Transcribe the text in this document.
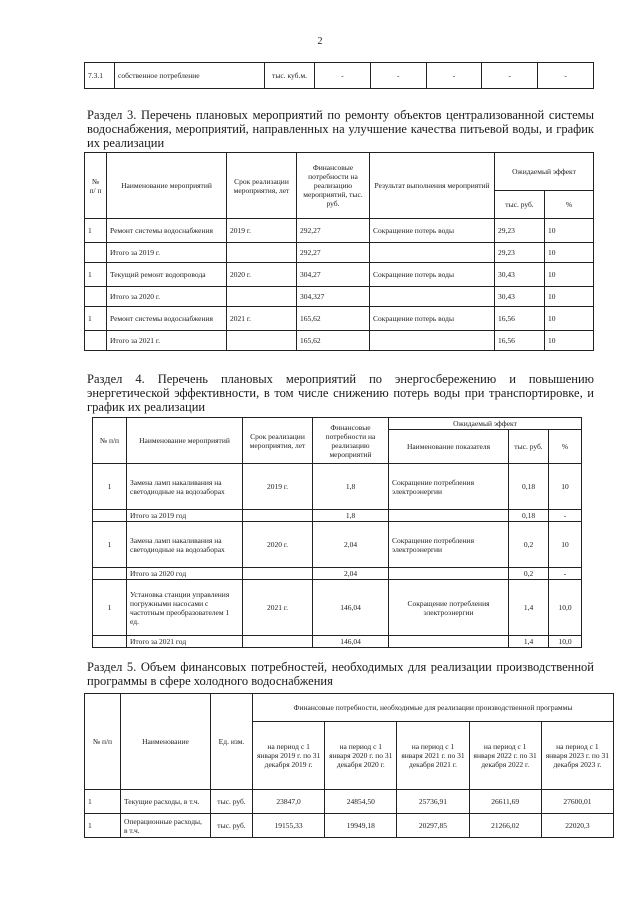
2
7.3.1	собственное потребление	тыс. куб.м.	-	-	-	-	-

Раздел 3. Перечень плановых мероприятий по ремонту объектов централизованной системы водоснабжения, мероприятий, направленных на улучшение качества питьевой воды, и график их реализации

№ п/ п	Наименование мероприятий	Срок реализации мероприятия, лет	Финансовые потребности на реализацию мероприятий, тыс. руб.	Результат выполнения мероприятий	Ожидаемый эффект	
					тыс. руб.	%
1	Ремонт системы водоснабжения	2019 г.	292,27	Сокращение потерь воды	29,23	10
	Итого за 2019 г.		292,27		29,23	10
1	Текущий ремонт водопровода	2020 г.	304,27	Сокращение потерь воды	30,43	10
	Итого за 2020 г.		304,327		30,43	10
1	Ремонт системы водоснабжения	2021 г.	165,62	Сокращение потерь воды	16,56	10
	Итого за 2021 г.		165,62		16,56	10

Раздел 4. Перечень плановых мероприятий по энергосбережению и повышению энергетической эффективности, в том числе снижению потерь воды при транспортировке, и график их реализации

№ п/п	Наименование мероприятий	Срок реализации мероприятия, лет	Финансовые потребности на реализацию мероприятий	Ожидаемый эффект		
				Наименование показателя	тыс. руб.	%
1	Замена ламп накаливания на светодиодные на водозаборах	2019 г.	1,8	Сокращение потребления электроэнергии	0,18	10
	Итого за 2019 год		1,8		0,18	-
1	Замена ламп накаливания на светодиодные на водозаборах	2020 г.	2,04	Сокращение потребления электроэнергии	0,2	10
	Итого за 2020 год		2,04		0,2	-
1	Установка станции управления погружными насосами с частотным преобразователем 1 ед.	2021 г.	146,04	Сокращение потребления электроэнергии	1,4	10,0
	Итого за 2021 год		146,04		1,4	10,0

Раздел 5. Объем финансовых потребностей, необходимых для реализации производственной программы в сфере холодного водоснабжения

№ п/п	Наименование	Ед. изм.	Финансовые потребности, необходимые для реализации производственной программы				
			на период с 1 января 2019 г. по 31 декабря 2019 г.	на период с 1 января 2020 г. по 31 декабря 2020 г.	на период с 1 января 2021 г. по 31 декабря 2021 г.	на период с 1 января 2022 г. по 31 декабря 2022 г.	на период с 1 января 2023 г. по 31 декабря 2023 г.
1	Текущие расходы, в т.ч.	тыс. руб.	23847,0	24854,50	25736,91	26611,69	27600,01
1	Операционные расходы, в т.ч.	тыс. руб.	19155,33	19949,18	20297,85	21266,02	22020,3
